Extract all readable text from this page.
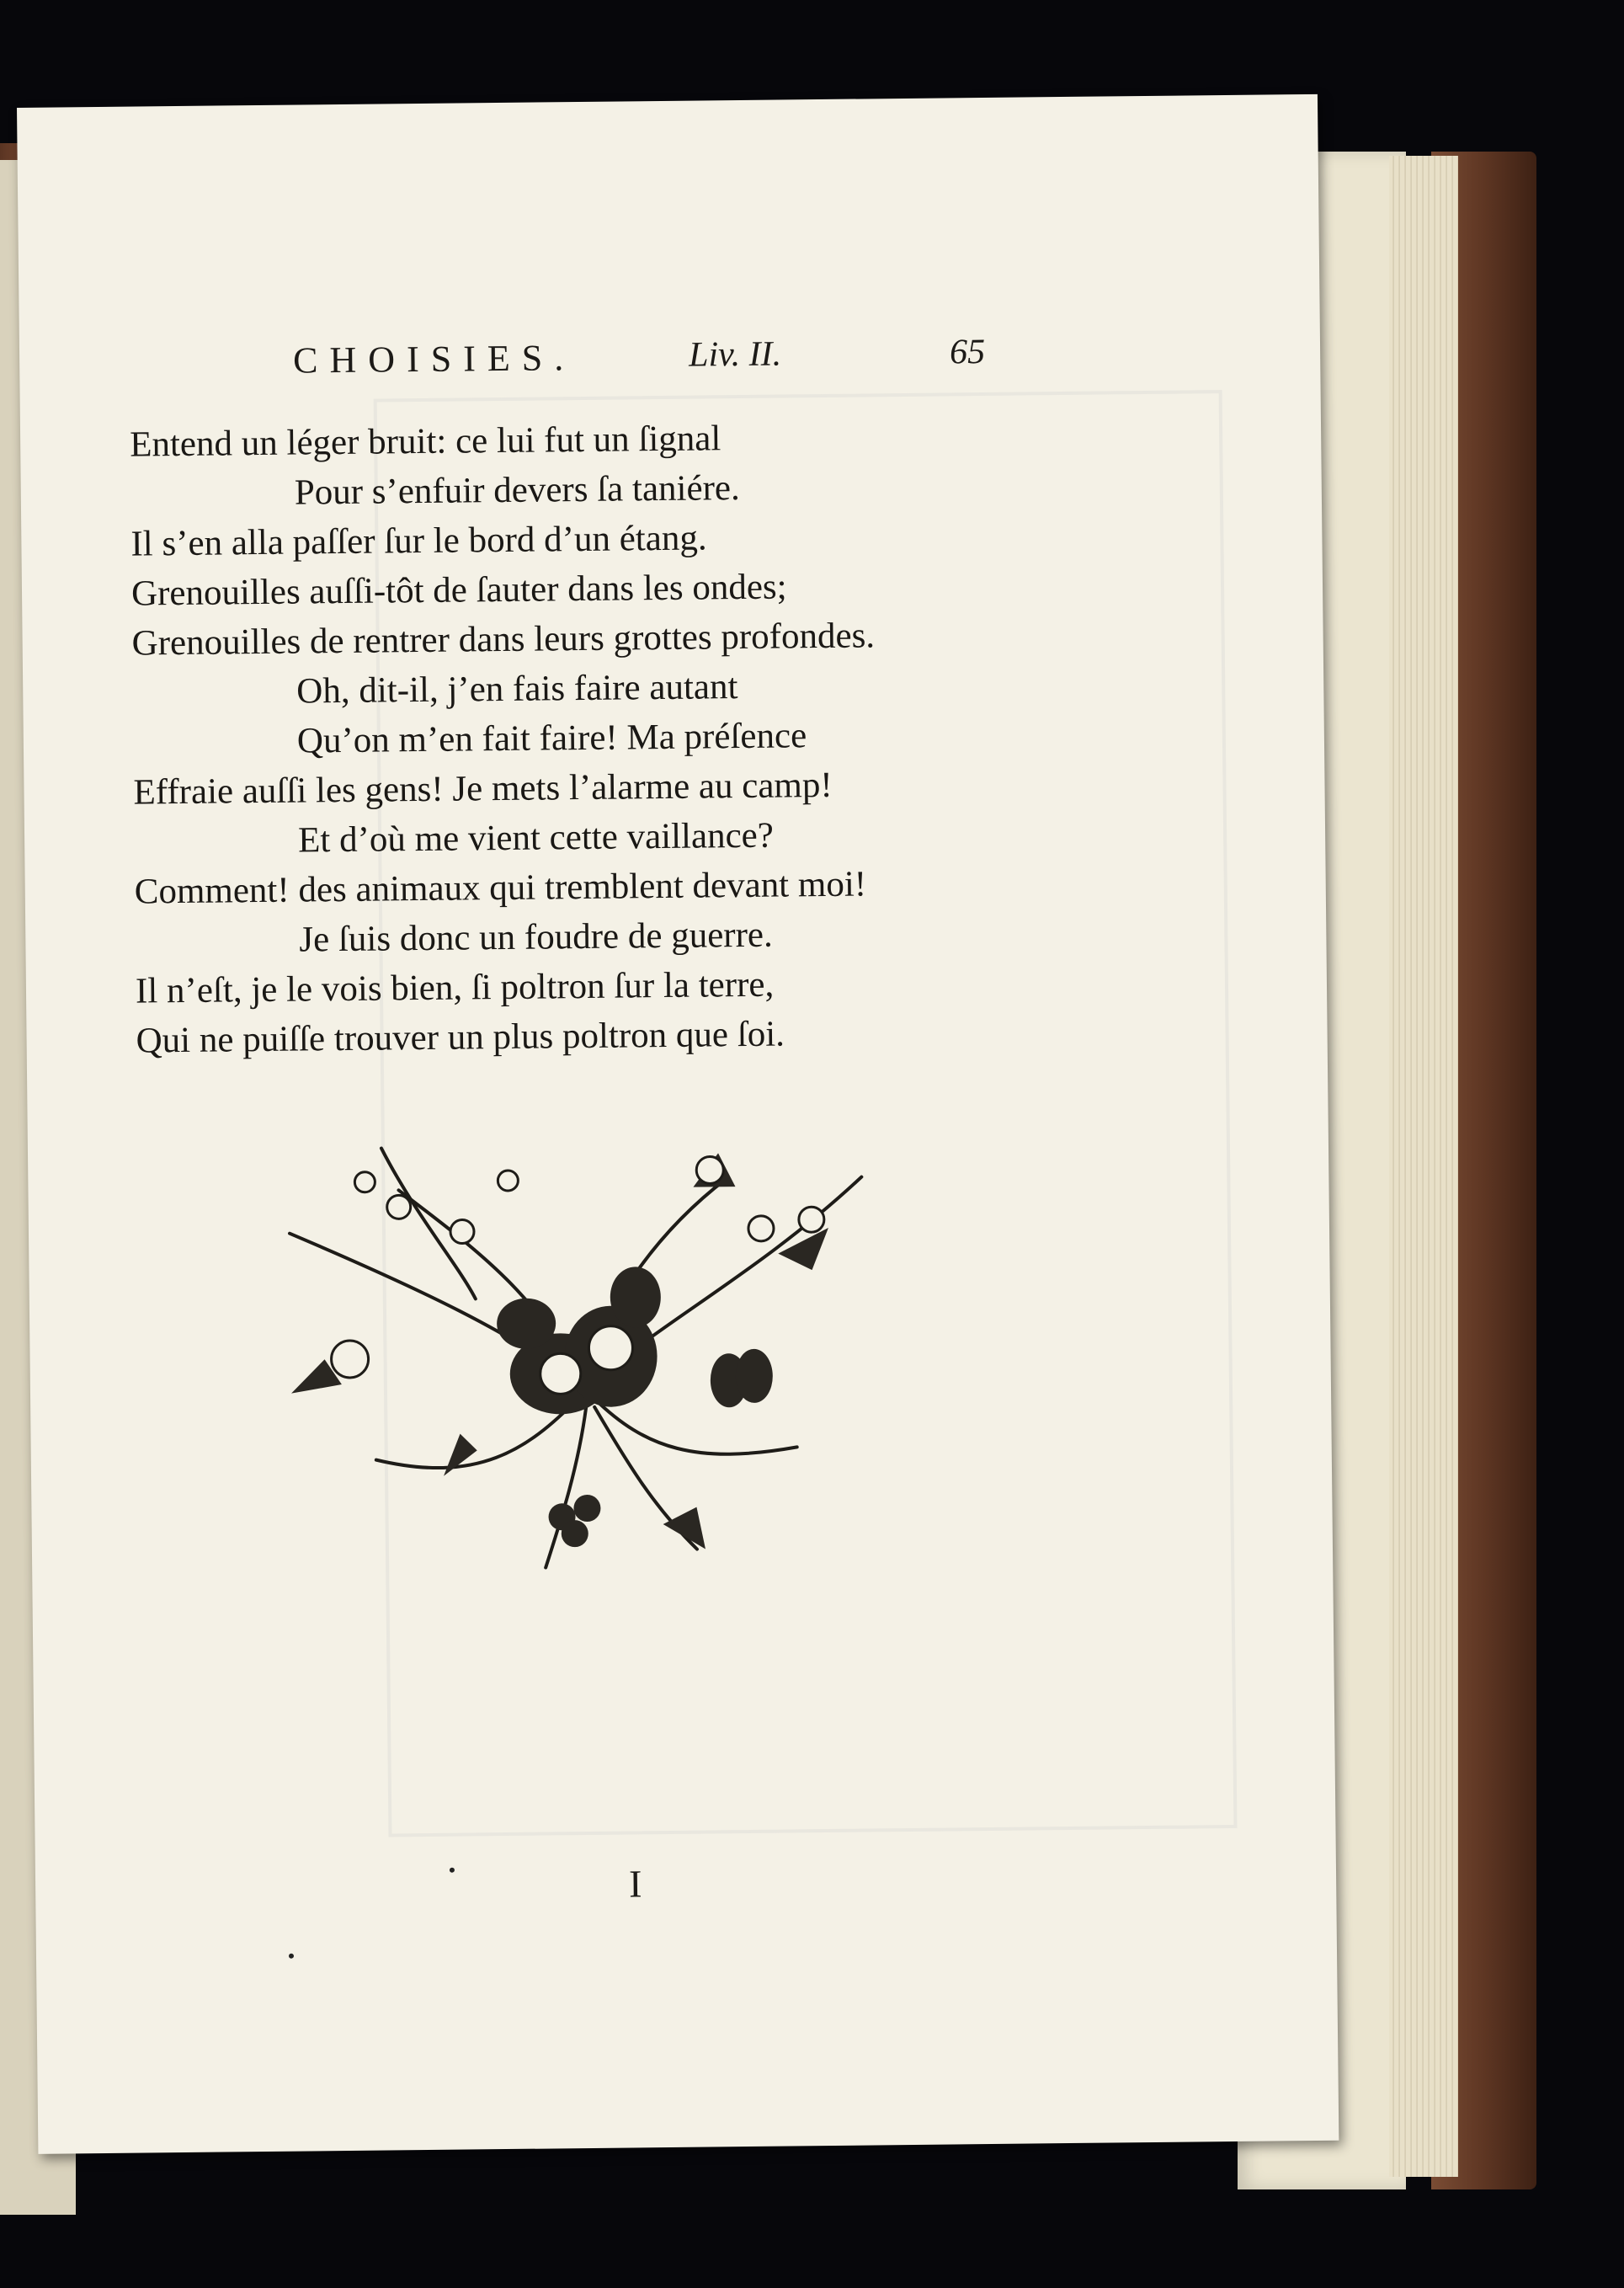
CHOISIES.	Liv. II.	65
Entend un léger bruit: ce lui fut un ſignal
Pour s’enfuir devers ſa taniére.
Il s’en alla paſſer ſur le bord d’un étang.
Grenouilles auſſi-tôt de ſauter dans les ondes;
Grenouilles de rentrer dans leurs grottes profondes.
Oh, dit-il, j’en fais faire autant
Qu’on m’en fait faire! Ma préſence
Effraie auſſi les gens! Je mets l’alarme au camp!
Et d’où me vient cette vaillance?
Comment! des animaux qui tremblent devant moi!
Je ſuis donc un foudre de guerre.
Il n’eſt, je le vois bien, ſi poltron ſur la terre,
Qui ne puiſſe trouver un plus poltron que ſoi.
I
